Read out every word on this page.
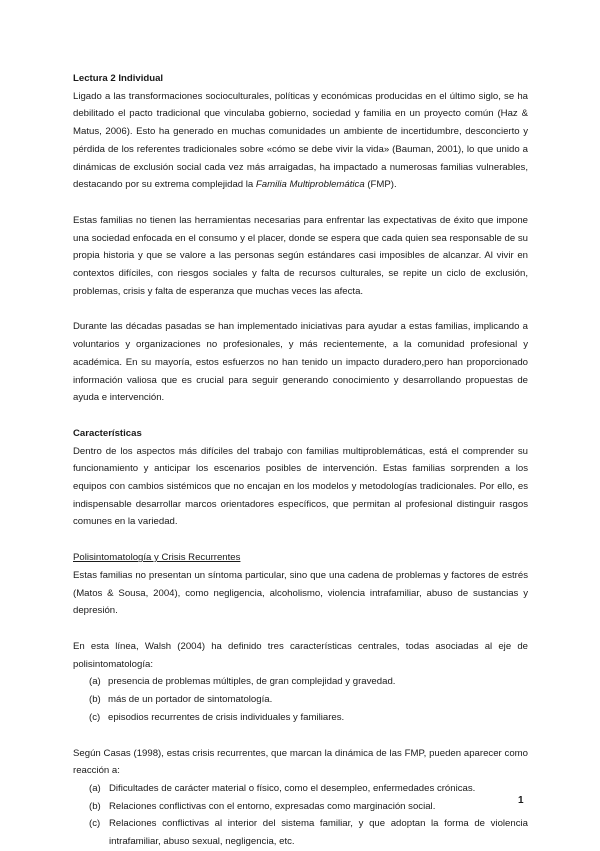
Lectura 2 Individual

Ligado a las transformaciones socioculturales, políticas y económicas producidas en el último siglo, se ha debilitado el pacto tradicional que vinculaba gobierno, sociedad y familia en un proyecto común (Haz & Matus, 2006). Esto ha generado en muchas comunidades un ambiente de incertidumbre, desconcierto y pérdida de los referentes tradicionales sobre «cómo se debe vivir la vida» (Bauman, 2001), lo que unido a dinámicas de exclusión social cada vez más arraigadas, ha impactado a numerosas familias vulnerables, destacando por su extrema complejidad la Familia Multiproblemática (FMP).

Estas familias no tienen las herramientas necesarias para enfrentar las expectativas de éxito que impone una sociedad enfocada en el consumo y el placer, donde se espera que cada quien sea responsable de su propia historia y que se valore a las personas según estándares casi imposibles de alcanzar. Al vivir en contextos difíciles, con riesgos sociales y falta de recursos culturales, se repite un ciclo de exclusión, problemas, crisis y falta de esperanza que muchas veces las afecta.

Durante las décadas pasadas se han implementado iniciativas para ayudar a estas familias, implicando a voluntarios y organizaciones no profesionales, y más recientemente, a la comunidad profesional y académica. En su mayoría, estos esfuerzos no han tenido un impacto duradero,pero han proporcionado información valiosa que es crucial para seguir generando conocimiento y desarrollando propuestas de ayuda e intervención.

Características

Dentro de los aspectos más difíciles del trabajo con familias multiproblemáticas, está el comprender su funcionamiento y anticipar los escenarios posibles de intervención. Estas familias sorprenden a los equipos con cambios sistémicos que no encajan en los modelos y metodologías tradicionales. Por ello, es indispensable desarrollar marcos orientadores específicos, que permitan al profesional distinguir rasgos comunes en la variedad.

Polisintomatología y Crisis Recurrentes

Estas familias no presentan un síntoma particular, sino que una cadena de problemas y factores de estrés (Matos & Sousa, 2004), como negligencia, alcoholismo, violencia intrafamiliar, abuso de sustancias y depresión.

En esta línea, Walsh (2004) ha definido tres características centrales, todas asociadas al eje de polisintomatología:

(a) presencia de problemas múltiples, de gran complejidad y gravedad.
(b) más de un portador de sintomatología.
(c) episodios recurrentes de crisis individuales y familiares.

Según Casas (1998), estas crisis recurrentes, que marcan la dinámica de las FMP, pueden aparecer como reacción a:

(a) Dificultades de carácter material o físico, como el desempleo, enfermedades crónicas.
(b) Relaciones conflictivas con el entorno, expresadas como marginación social.
(c) Relaciones conflictivas al interior del sistema familiar, y que adoptan la forma de violencia intrafamiliar, abuso sexual, negligencia, etc.
1
